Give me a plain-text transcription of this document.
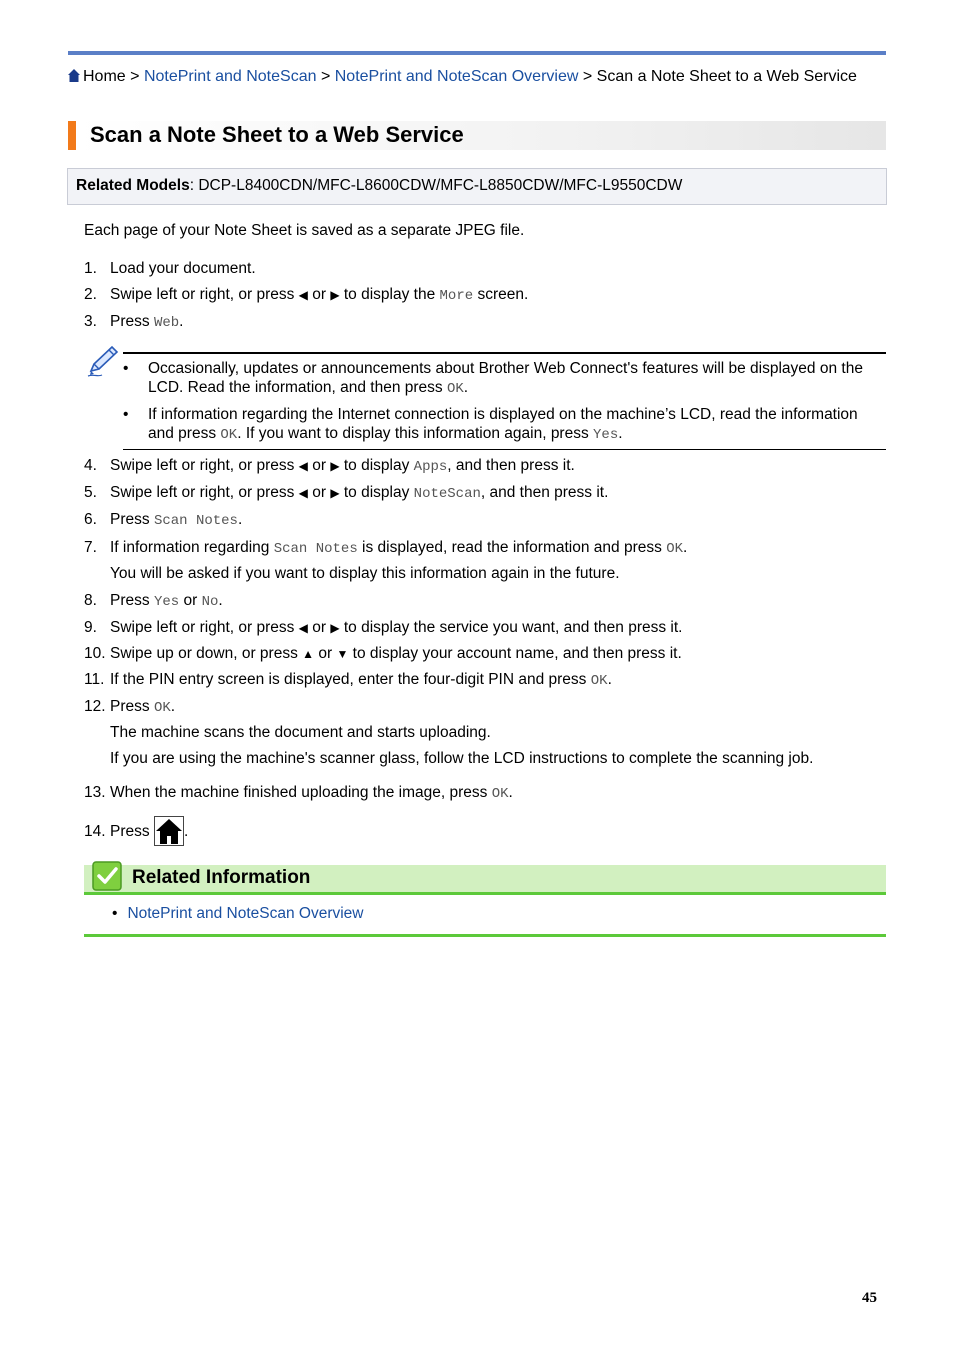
Home > NotePrint and NoteScan > NotePrint and NoteScan Overview > Scan a Note Sheet to a Web Service
Scan a Note Sheet to a Web Service
Related Models: DCP-L8400CDN/MFC-L8600CDW/MFC-L8850CDW/MFC-L9550CDW
Each page of your Note Sheet is saved as a separate JPEG file.
1. Load your document.
2. Swipe left or right, or press ◀ or ▶ to display the More screen.
3. Press Web.
•	Occasionally, updates or announcements about Brother Web Connect's features will be displayed on the LCD. Read the information, and then press OK.
•	If information regarding the Internet connection is displayed on the machine’s LCD, read the information and press OK. If you want to display this information again, press Yes.
4. Swipe left or right, or press ◀ or ▶ to display Apps, and then press it.
5. Swipe left or right, or press ◀ or ▶ to display NoteScan, and then press it.
6. Press Scan Notes.
7. If information regarding Scan Notes is displayed, read the information and press OK.
You will be asked if you want to display this information again in the future.
8. Press Yes or No.
9. Swipe left or right, or press ◀ or ▶ to display the service you want, and then press it.
10. Swipe up or down, or press ▲ or ▼ to display your account name, and then press it.
11. If the PIN entry screen is displayed, enter the four-digit PIN and press OK.
12. Press OK.
The machine scans the document and starts uploading.
If you are using the machine's scanner glass, follow the LCD instructions to complete the scanning job.
13. When the machine finished uploading the image, press OK.
14. Press .
Related Information
• NotePrint and NoteScan Overview
45
